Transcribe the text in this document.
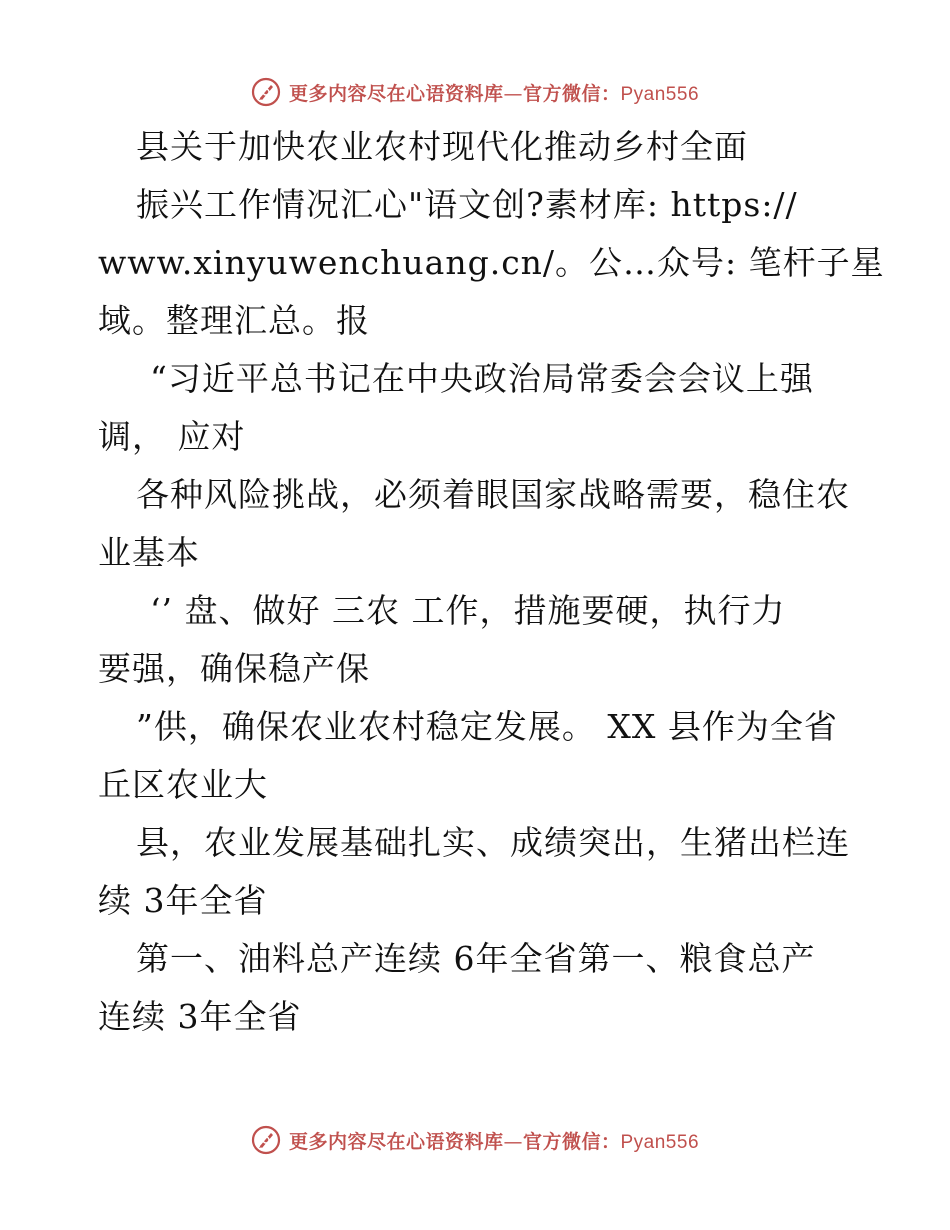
更多内容尽在心语资料库—官方微信：Pyan556
县关于加快农业农村现代化推动乡村全面
振兴工作情况汇心"语文创?素材库: https://
www.xinyuwenchuang.cn/。公…众号: 笔杆子星
域。整理汇总。报
“习近平总书记在中央政治局常委会会议上强
调， 应对
各种风险挑战，必须着眼国家战略需要，稳住农
业基本
‘’ 盘、做好 三农 工作，措施要硬，执行力
要强，确保稳产保
”供，确保农业农村稳定发展。 XX 县作为全省
丘区农业大
县，农业发展基础扎实、成绩突出，生猪出栏连
续 3年全省
第一、油料总产连续 6年全省第一、粮食总产
连续 3年全省
更多内容尽在心语资料库—官方微信：Pyan556
